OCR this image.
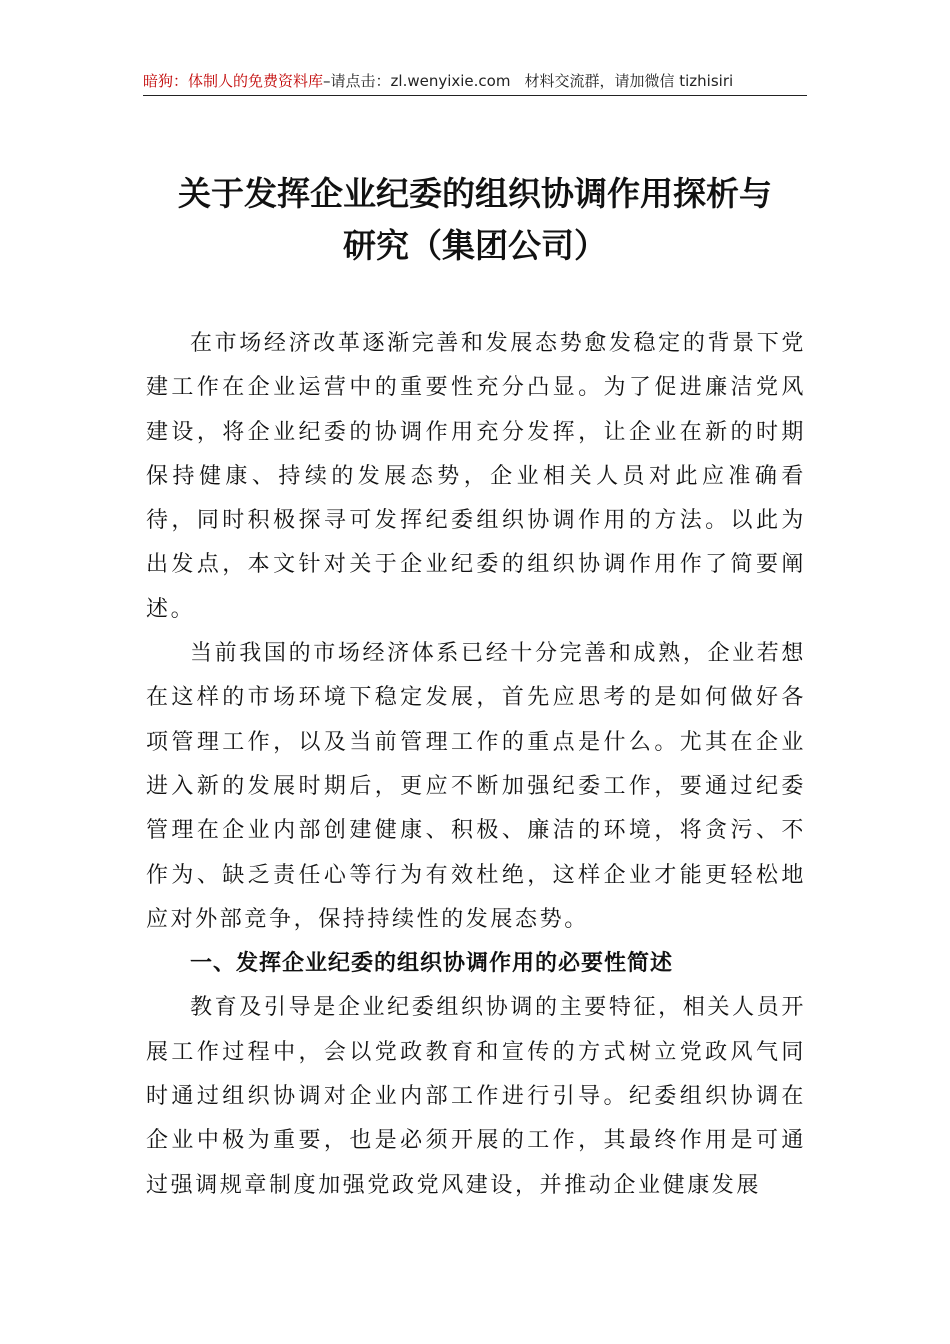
暗狗：体制人的免费资料库–请点击：zl.wenyixie.com 材料交流群，请加微信 tizhisiri
关于发挥企业纪委的组织协调作用探析与
研究（集团公司）

在市场经济改革逐渐完善和发展态势愈发稳定的背景下党建工作在企业运营中的重要性充分凸显。为了促进廉洁党风建设，将企业纪委的协调作用充分发挥，让企业在新的时期保持健康、持续的发展态势，企业相关人员对此应准确看待，同时积极探寻可发挥纪委组织协调作用的方法。以此为出发点，本文针对关于企业纪委的组织协调作用作了简要阐述。

当前我国的市场经济体系已经十分完善和成熟，企业若想在这样的市场环境下稳定发展，首先应思考的是如何做好各项管理工作，以及当前管理工作的重点是什么。尤其在企业进入新的发展时期后，更应不断加强纪委工作，要通过纪委管理在企业内部创建健康、积极、廉洁的环境，将贪污、不作为、缺乏责任心等行为有效杜绝，这样企业才能更轻松地应对外部竞争，保持持续性的发展态势。

一、发挥企业纪委的组织协调作用的必要性简述

教育及引导是企业纪委组织协调的主要特征，相关人员开展工作过程中，会以党政教育和宣传的方式树立党政风气同时通过组织协调对企业内部工作进行引导。纪委组织协调在企业中极为重要，也是必须开展的工作，其最终作用是可通过强调规章制度加强党政党风建设，并推动企业健康发展
